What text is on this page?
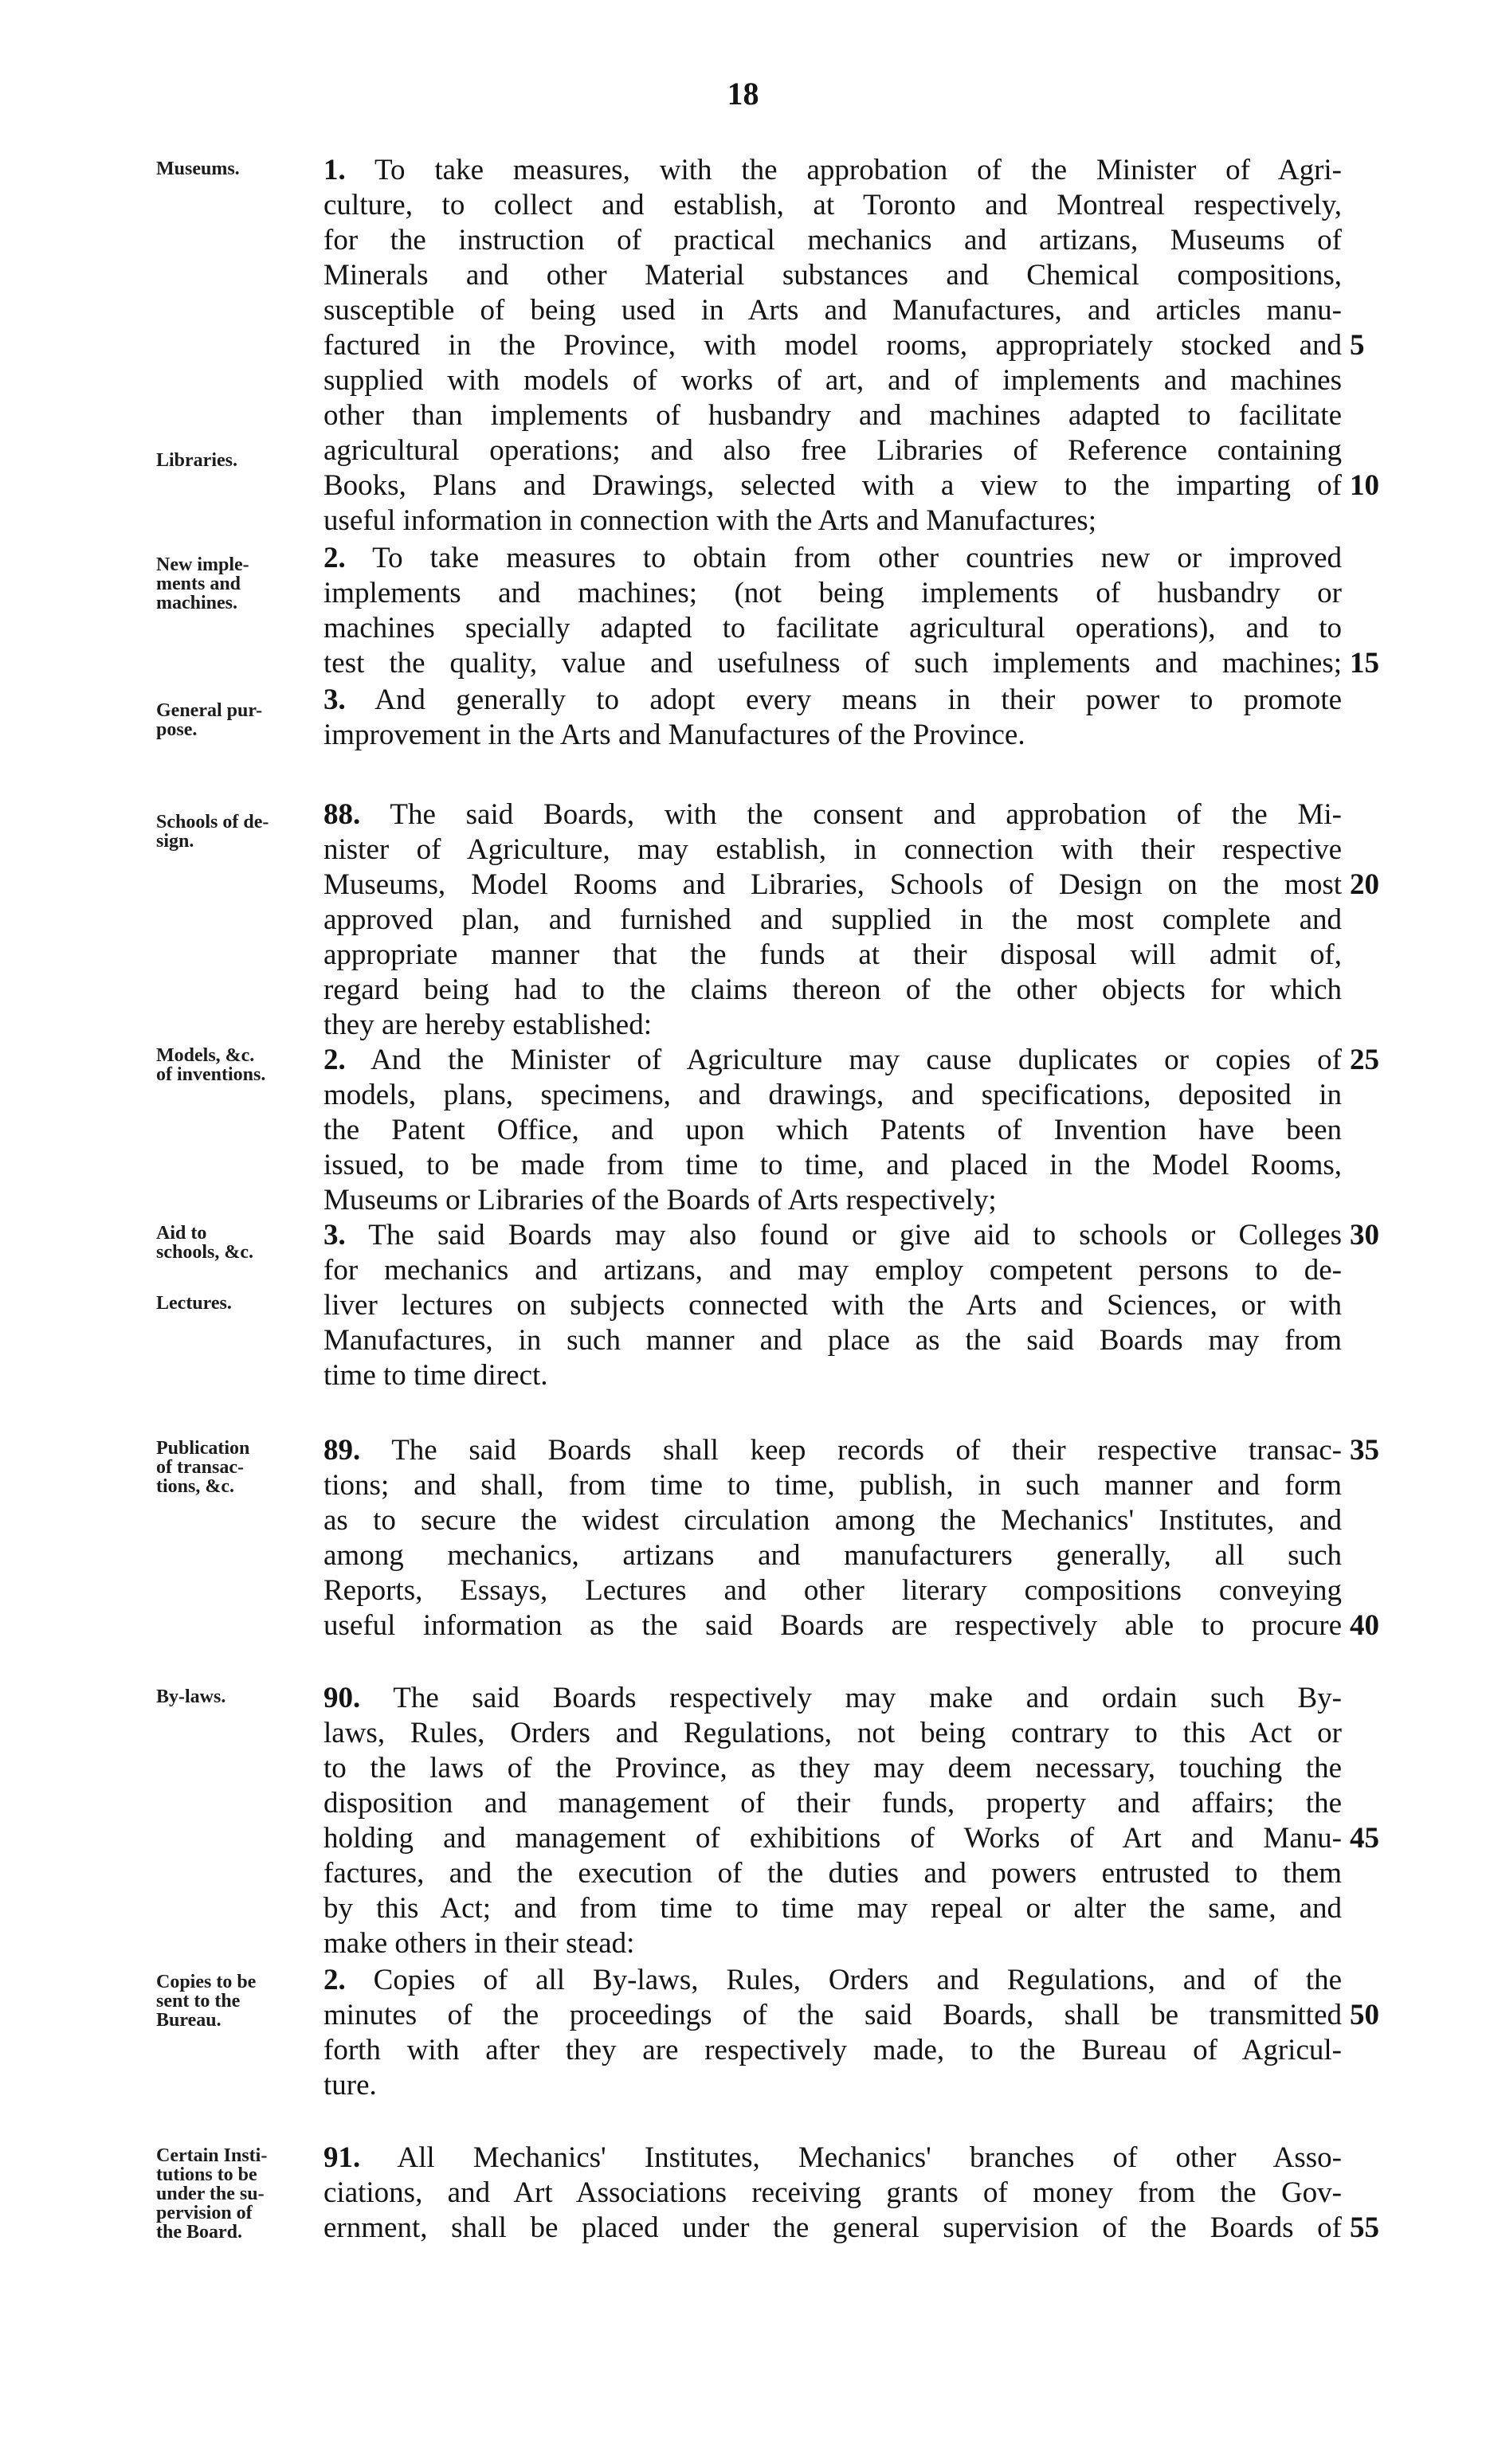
18
Museums.
Libraries.
New imple-
ments and
machines.
General pur-
pose.
Schools of de-
sign.
Models, &c.
of inventions.
Aid to
schools, &c.
Lectures.
Publication
of transac-
tions, &c.
By-laws.
Copies to be
sent to the
Bureau.
Certain Insti-
tutions to be
under the su-
pervision of
the Board.
1. To take measures, with the approbation of the Minister of Agri-
culture, to collect and establish, at Toronto and Montreal respectively,
for the instruction of practical mechanics and artizans, Museums of
Minerals and other Material substances and Chemical compositions,
susceptible of being used in Arts and Manufactures, and articles manu-
factured in the Province, with model rooms, appropriately stocked and
supplied with models of works of art, and of implements and machines
other than implements of husbandry and machines adapted to facilitate
agricultural operations; and also free Libraries of Reference containing
Books, Plans and Drawings, selected with a view to the imparting of
useful information in connection with the Arts and Manufactures;
2. To take measures to obtain from other countries new or improved
implements and machines; (not being implements of husbandry or
machines specially adapted to facilitate agricultural operations), and to
test the quality, value and usefulness of such implements and machines;
3. And generally to adopt every means in their power to promote
improvement in the Arts and Manufactures of the Province.
88. The said Boards, with the consent and approbation of the Mi-
nister of Agriculture, may establish, in connection with their respective
Museums, Model Rooms and Libraries, Schools of Design on the most
approved plan, and furnished and supplied in the most complete and
appropriate manner that the funds at their disposal will admit of,
regard being had to the claims thereon of the other objects for which
they are hereby established:
2. And the Minister of Agriculture may cause duplicates or copies of
models, plans, specimens, and drawings, and specifications, deposited in
the Patent Office, and upon which Patents of Invention have been
issued, to be made from time to time, and placed in the Model Rooms,
Museums or Libraries of the Boards of Arts respectively;
3. The said Boards may also found or give aid to schools or Colleges
for mechanics and artizans, and may employ competent persons to de-
liver lectures on subjects connected with the Arts and Sciences, or with
Manufactures, in such manner and place as the said Boards may from
time to time direct.
89. The said Boards shall keep records of their respective transac-
tions; and shall, from time to time, publish, in such manner and form
as to secure the widest circulation among the Mechanics' Institutes, and
among mechanics, artizans and manufacturers generally, all such
Reports, Essays, Lectures and other literary compositions conveying
useful information as the said Boards are respectively able to procure
90. The said Boards respectively may make and ordain such By-
laws, Rules, Orders and Regulations, not being contrary to this Act or
to the laws of the Province, as they may deem necessary, touching the
disposition and management of their funds, property and affairs; the
holding and management of exhibitions of Works of Art and Manu-
factures, and the execution of the duties and powers entrusted to them
by this Act; and from time to time may repeal or alter the same, and
make others in their stead:
2. Copies of all By-laws, Rules, Orders and Regulations, and of the
minutes of the proceedings of the said Boards, shall be transmitted
forth with after they are respectively made, to the Bureau of Agricul-
ture.
91. All Mechanics' Institutes, Mechanics' branches of other Asso-
ciations, and Art Associations receiving grants of money from the Gov-
ernment, shall be placed under the general supervision of the Boards of
5
10
15
20
25
30
35
40
45
50
55
